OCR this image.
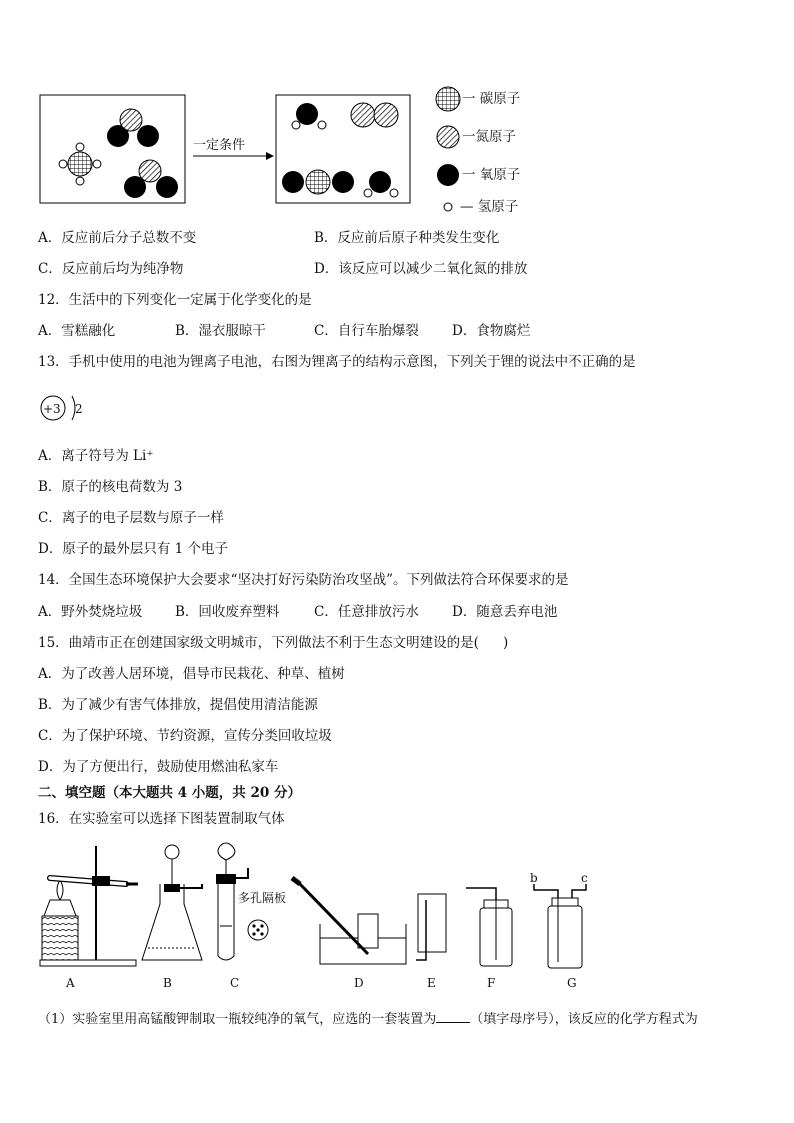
一定条件
一 碳原子
一氮原子
一 氧原子
— 氢原子
A．反应前后分子总数不变	B．反应前后原子种类发生变化
C．反应前后均为纯净物	D．该反应可以减少二氧化氮的排放
12．生活中的下列变化一定属于化学变化的是
A．雪糕融化	B．湿衣服晾干	C．自行车胎爆裂 D．食物腐烂
13．手机中使用的电池为锂离子电池，右图为锂离子的结构示意图，下列关于锂的说法中不正确的是
+3 2
A．离子符号为 Li⁺
B．原子的核电荷数为 3
C．离子的电子层数与原子一样
D．原子的最外层只有 1 个电子
14．全国生态环境保护大会要求“坚决打好污染防治攻坚战”。下列做法符合环保要求的是
A．野外焚烧垃圾 B．回收废弃塑料	C．任意排放污水 D．随意丢弃电池
15．曲靖市正在创建国家级文明城市，下列做法不利于生态文明建设的是( )
A．为了改善人居环境，倡导市民栽花、种草、植树
B．为了减少有害气体排放，提倡使用清洁能源
C．为了保护环境、节约资源，宣传分类回收垃圾
D．为了方便出行，鼓励使用燃油私家车
二、填空题（本大题共 4 小题，共 20 分）
16．在实验室可以选择下图装置制取气体
多孔隔板
b	c
A	B	C	D	E	F	G
（1）实验室里用高锰酸钾制取一瓶较纯净的氧气，应选的一套装置为	（填字母序号），该反应的化学方程式为
